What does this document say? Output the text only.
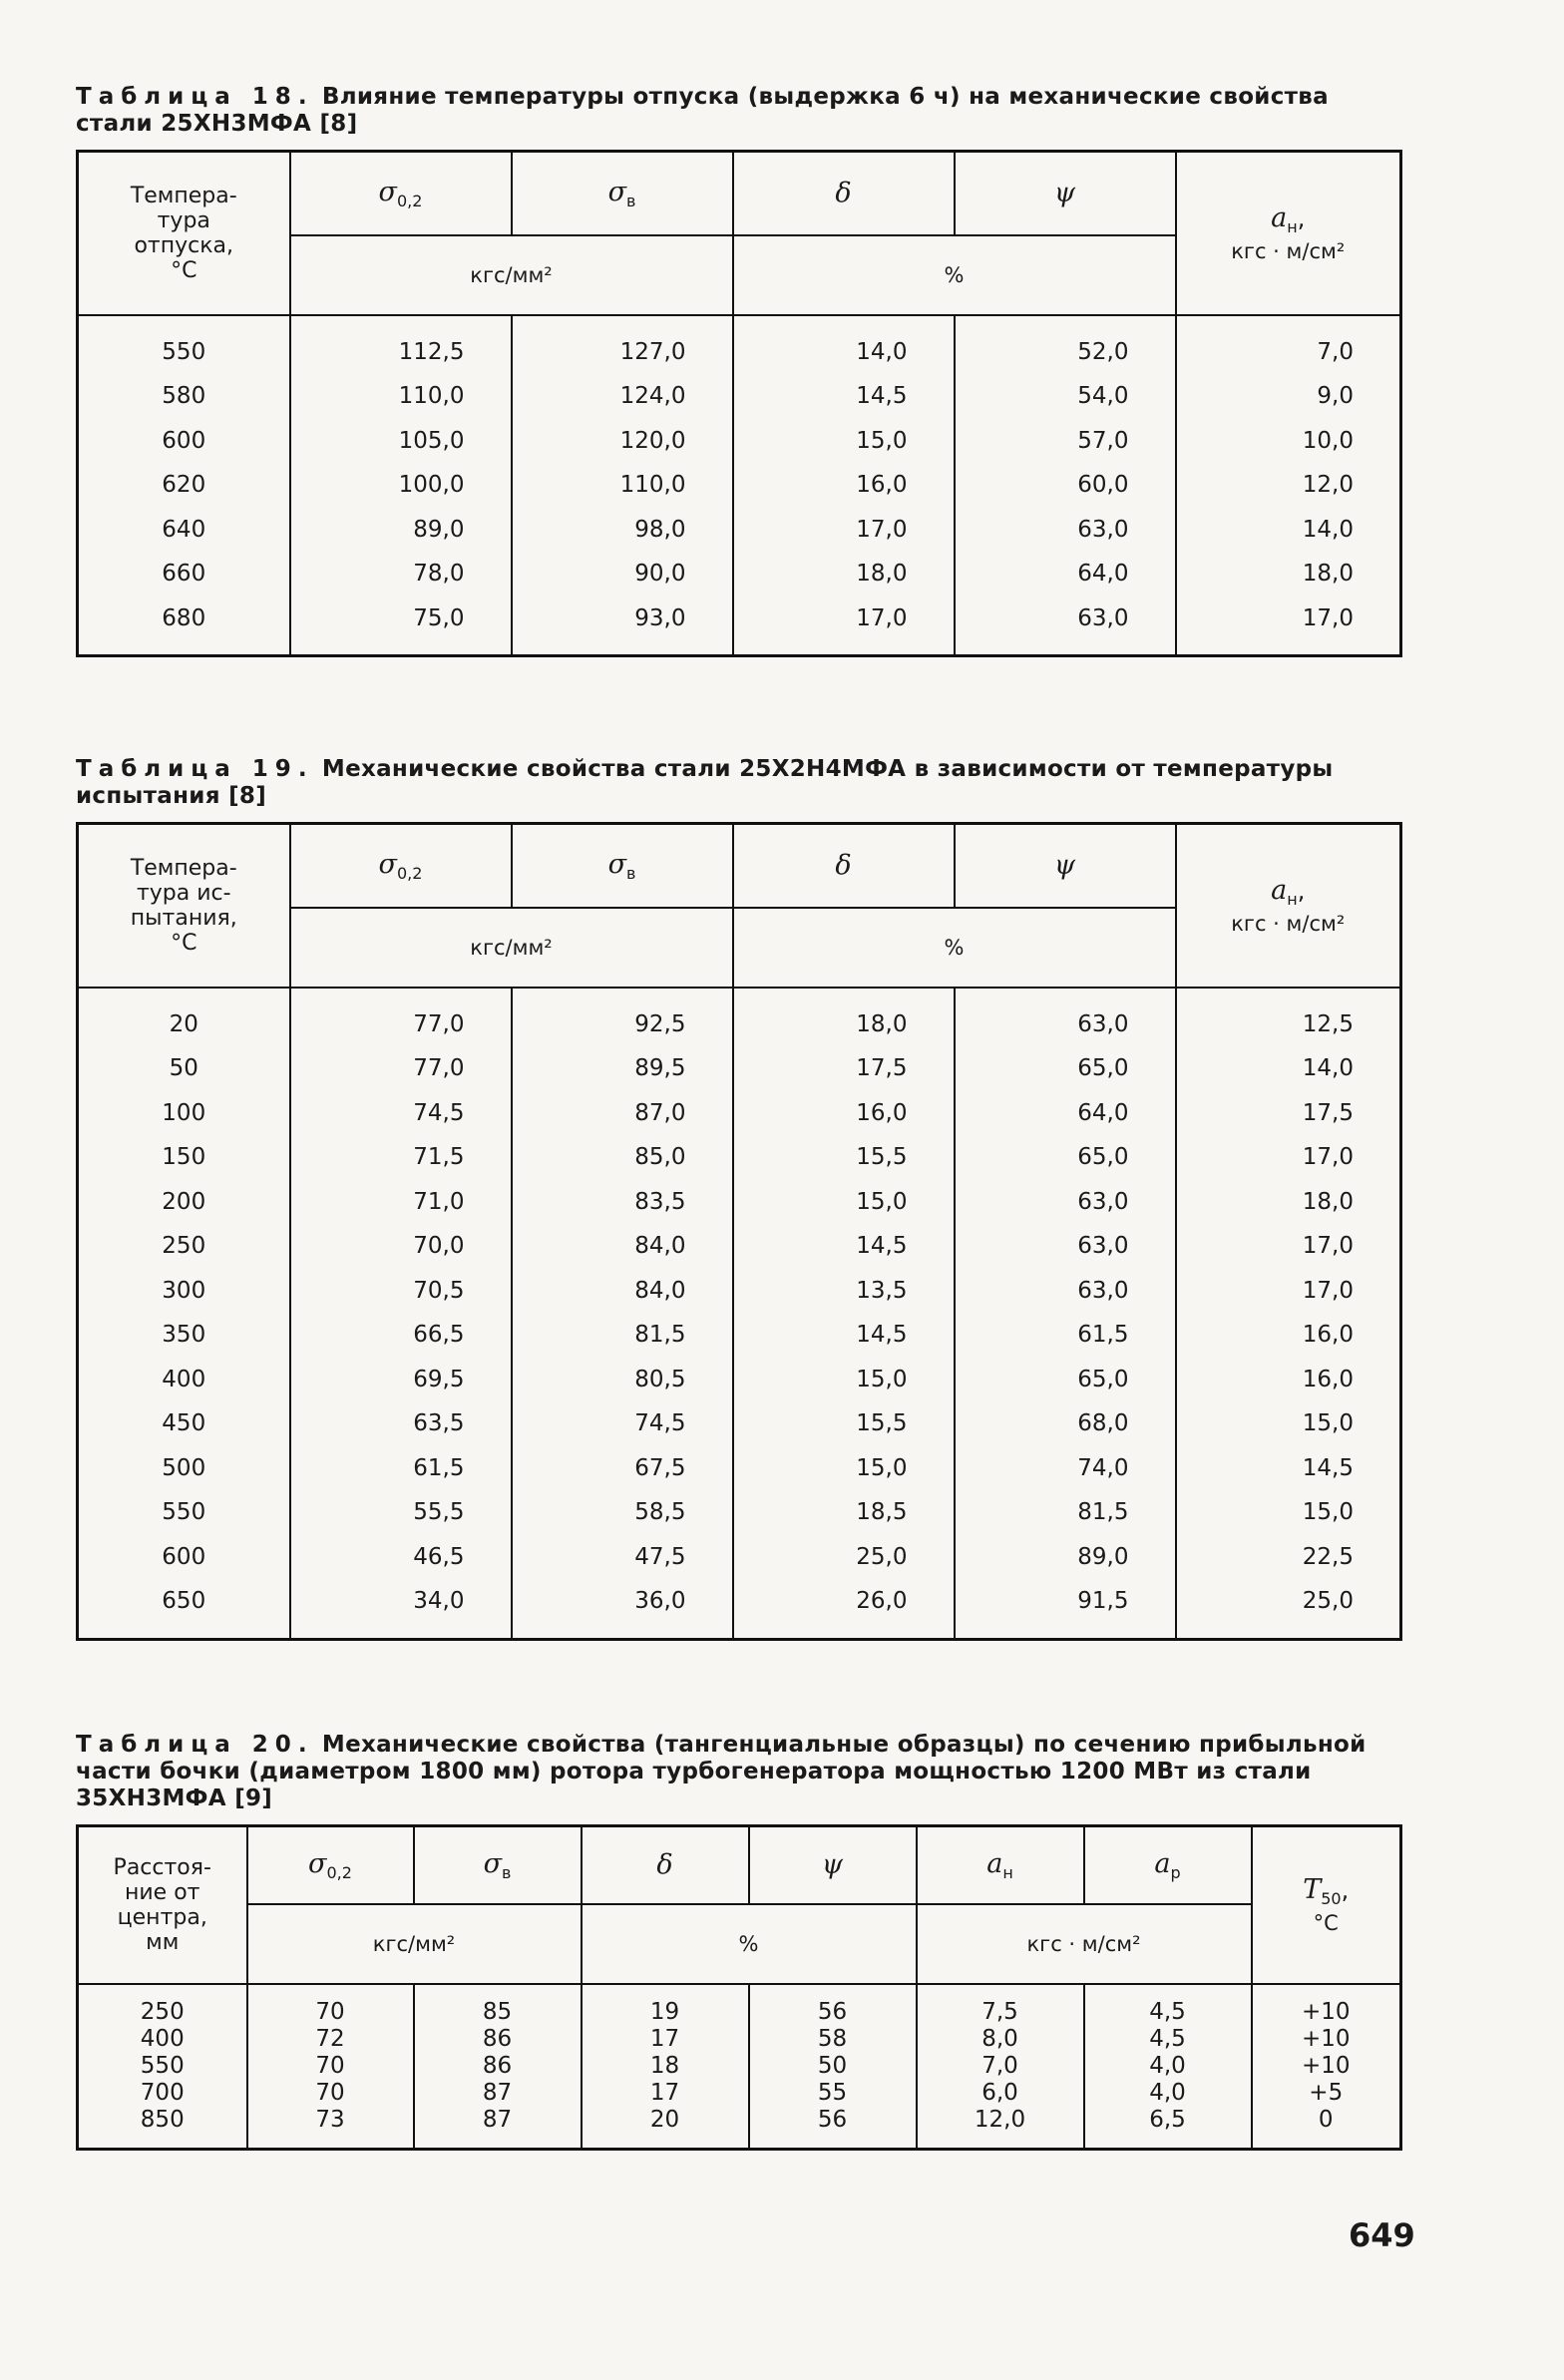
Таблица 18. Влияние температуры отпуска (выдержка 6 ч) на механические свойства стали 25ХН3МФА [8]

Темпера-
тура
отпуска,
°С	$\sigma_{0,2}$	$\sigma_в$	δ	ψ	$a_н$,
кгс · м/см²
	кгс/мм²		%		
550	112,5	127,0	14,0	52,0	7,0
580	110,0	124,0	14,5	54,0	9,0
600	105,0	120,0	15,0	57,0	10,0
620	100,0	110,0	16,0	60,0	12,0
640	89,0	98,0	17,0	63,0	14,0
660	78,0	90,0	18,0	64,0	18,0
680	75,0	93,0	17,0	63,0	17,0

Таблица 19. Механические свойства стали 25Х2Н4МФА в зависимости от температуры испытания [8]

Темпера-
тура ис-
пытания,
°С	$\sigma_{0,2}$	$\sigma_в$	δ	ψ	$a_н$,
кгс · м/см²
	кгс/мм²		%		
20	77,0	92,5	18,0	63,0	12,5
50	77,0	89,5	17,5	65,0	14,0
100	74,5	87,0	16,0	64,0	17,5
150	71,5	85,0	15,5	65,0	17,0
200	71,0	83,5	15,0	63,0	18,0
250	70,0	84,0	14,5	63,0	17,0
300	70,5	84,0	13,5	63,0	17,0
350	66,5	81,5	14,5	61,5	16,0
400	69,5	80,5	15,0	65,0	16,0
450	63,5	74,5	15,5	68,0	15,0
500	61,5	67,5	15,0	74,0	14,5
550	55,5	58,5	18,5	81,5	15,0
600	46,5	47,5	25,0	89,0	22,5
650	34,0	36,0	26,0	91,5	25,0

Таблица 20. Механические свойства (тангенциальные образцы) по сечению прибыльной части бочки (диаметром 1800 мм) ротора турбогенератора мощностью 1200 МВт из стали 35ХН3МФА [9]

Расстоя-
ние от
центра,
мм	$\sigma_{0,2}$	$\sigma_в$	δ	ψ	$a_н$	$a_р$	$T_{50}$,
°С
	кгс/мм²		%		кгс · м/см²		
250	70	85	19	56	7,5	4,5	+10
400	72	86	17	58	8,0	4,5	+10
550	70	86	18	50	7,0	4,0	+10
700	70	87	17	55	6,0	4,0	+5
850	73	87	20	56	12,0	6,5	0
649
